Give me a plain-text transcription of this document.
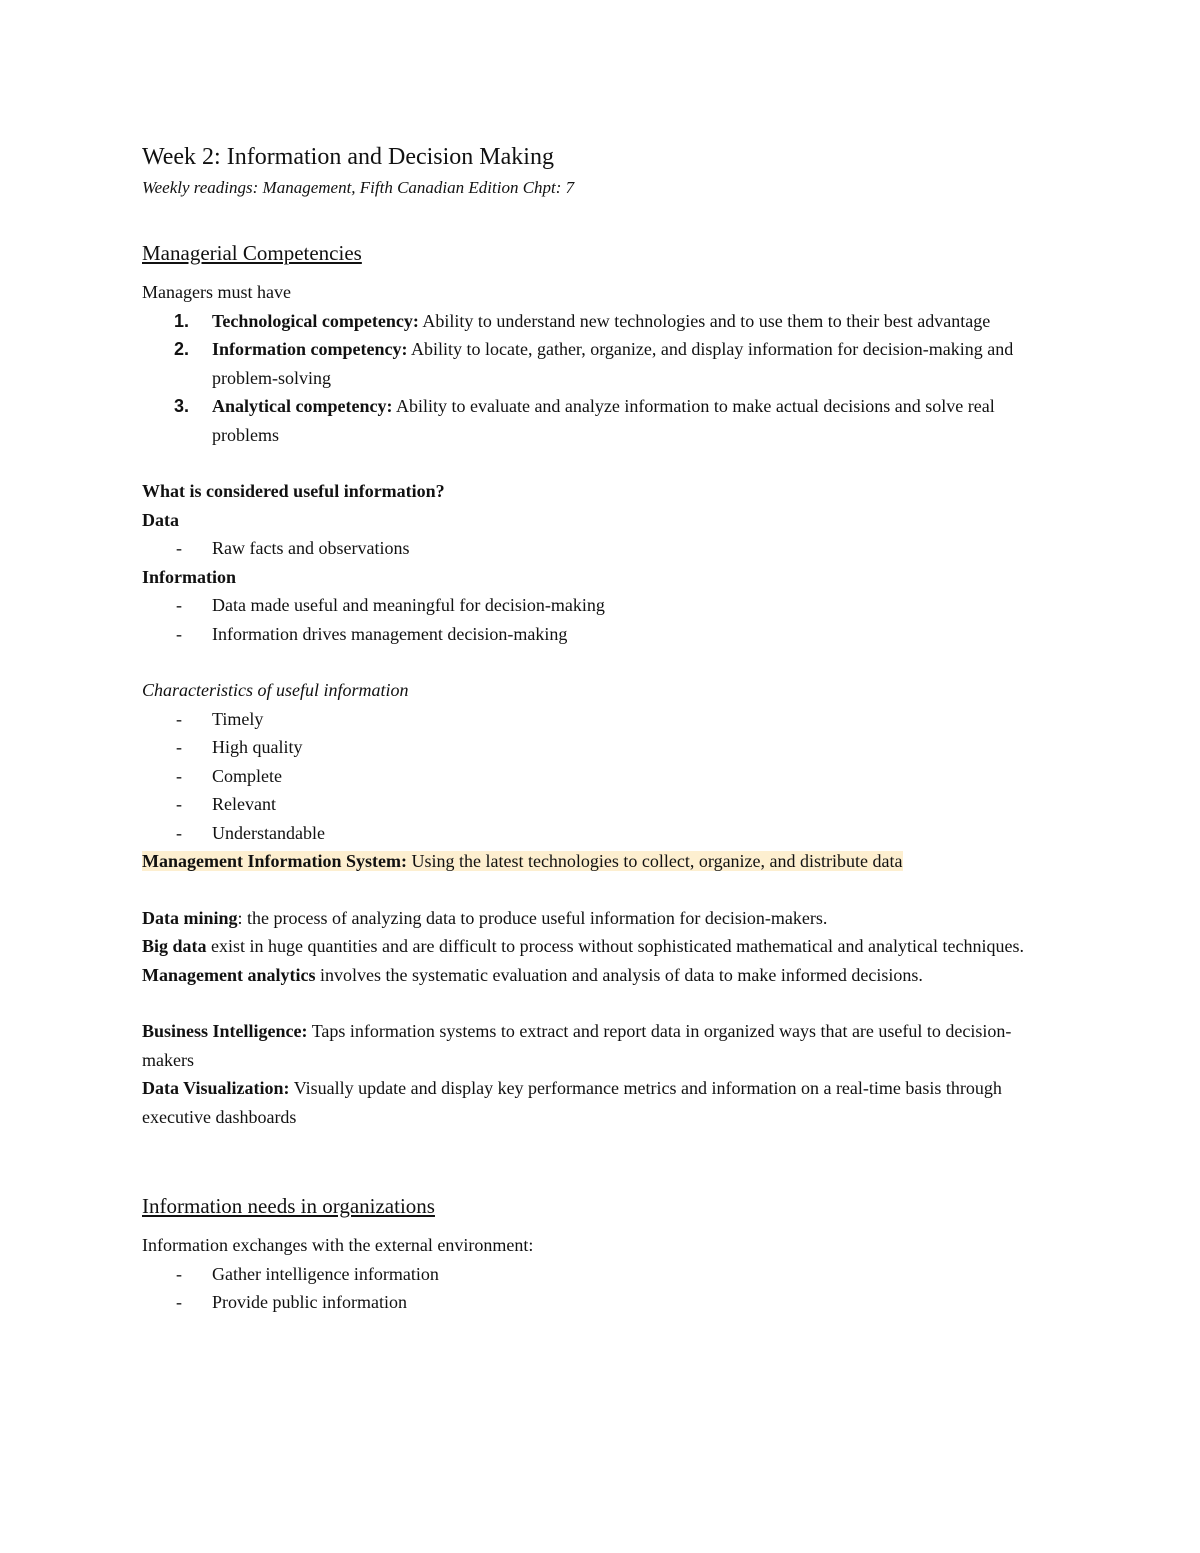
Week 2: Information and Decision Making
Weekly readings: Management, Fifth Canadian Edition Chpt: 7
Managerial Competencies
Managers must have
1. Technological competency: Ability to understand new technologies and to use them to their best advantage
2. Information competency: Ability to locate, gather, organize, and display information for decision-making and problem-solving
3. Analytical competency: Ability to evaluate and analyze information to make actual decisions and solve real problems
What is considered useful information?
Data
- Raw facts and observations
Information
- Data made useful and meaningful for decision-making
- Information drives management decision-making
Characteristics of useful information
- Timely
- High quality
- Complete
- Relevant
- Understandable
Management Information System: Using the latest technologies to collect, organize, and distribute data
Data mining: the process of analyzing data to produce useful information for decision-makers.
Big data exist in huge quantities and are difficult to process without sophisticated mathematical and analytical techniques.
Management analytics involves the systematic evaluation and analysis of data to make informed decisions.
Business Intelligence: Taps information systems to extract and report data in organized ways that are useful to decision-makers
Data Visualization: Visually update and display key performance metrics and information on a real-time basis through executive dashboards
Information needs in organizations
Information exchanges with the external environment:
- Gather intelligence information
- Provide public information
